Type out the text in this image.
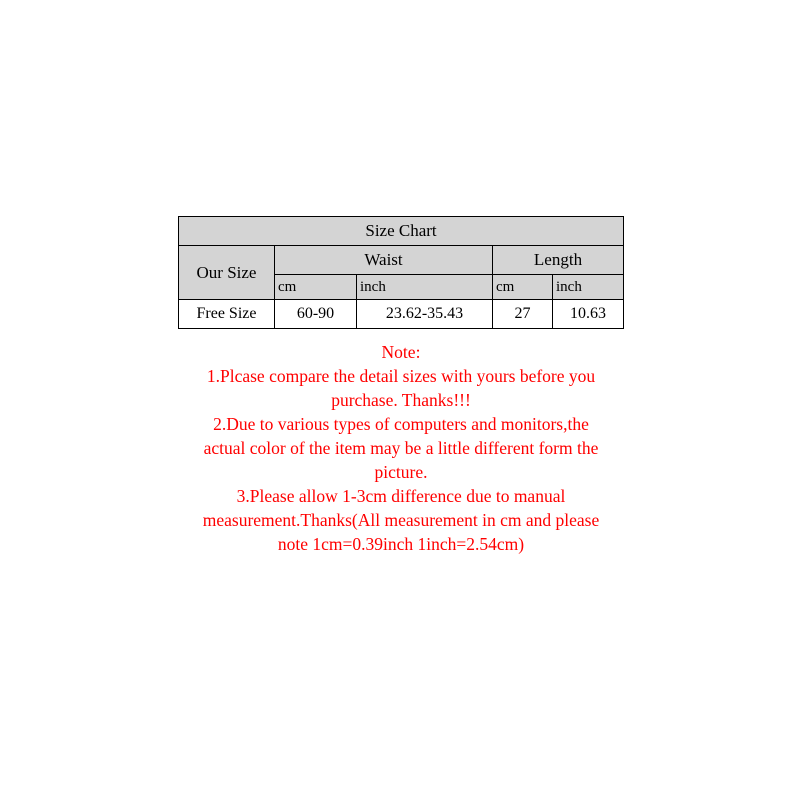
Size Chart				
Our Size	Waist		Length	
	cm	inch	cm	inch
Free Size	60-90	23.62-35.43	27	10.63
Note:
1.Plcase compare the detail sizes with yours before you
purchase. Thanks!!!
2.Due to various types of computers and monitors,the
actual color of the item may be a little different form the
picture.
3.Please allow 1-3cm difference due to manual
measurement.Thanks(All measurement in cm and please
note 1cm=0.39inch 1inch=2.54cm)
